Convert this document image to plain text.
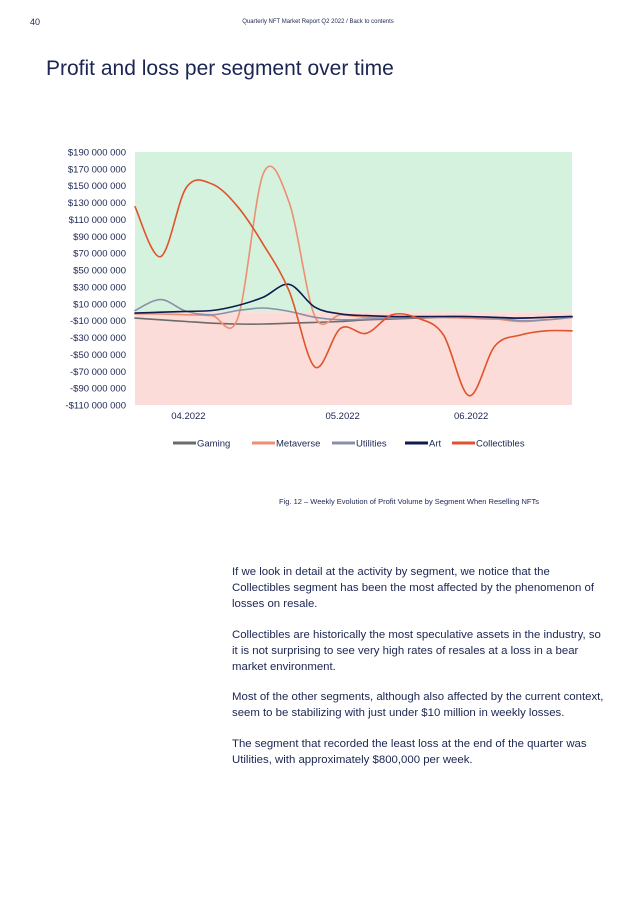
40	Quarterly NFT Market Report Q2 2022 / Back to contents
Profit and loss per segment over time
$190 000 000
$170 000 000
$150 000 000
$130 000 000
$110 000 000
$90 000 000
$70 000 000
$50 000 000
$30 000 000
$10 000 000
-$10 000 000
-$30 000 000
-$50 000 000
-$70 000 000
-$90 000 000
-$110 000 000
04.2022	05.2022	06.2022
Gaming	Metaverse	Utilities	Art	Collectibles
Fig. 12 – Weekly Evolution of Profit Volume by Segment When Reselling NFTs

If we look in detail at the activity by segment, we notice that the Collectibles segment has been the most affected by the phenomenon of losses on resale.

Collectibles are historically the most speculative assets in the industry, so it is not surprising to see very high rates of resales at a loss in a bear market environment.

Most of the other segments, although also affected by the current context, seem to be stabilizing with just under $10 million in weekly losses.

The segment that recorded the least loss at the end of the quarter was Utilities, with approximately $800,000 per week.
